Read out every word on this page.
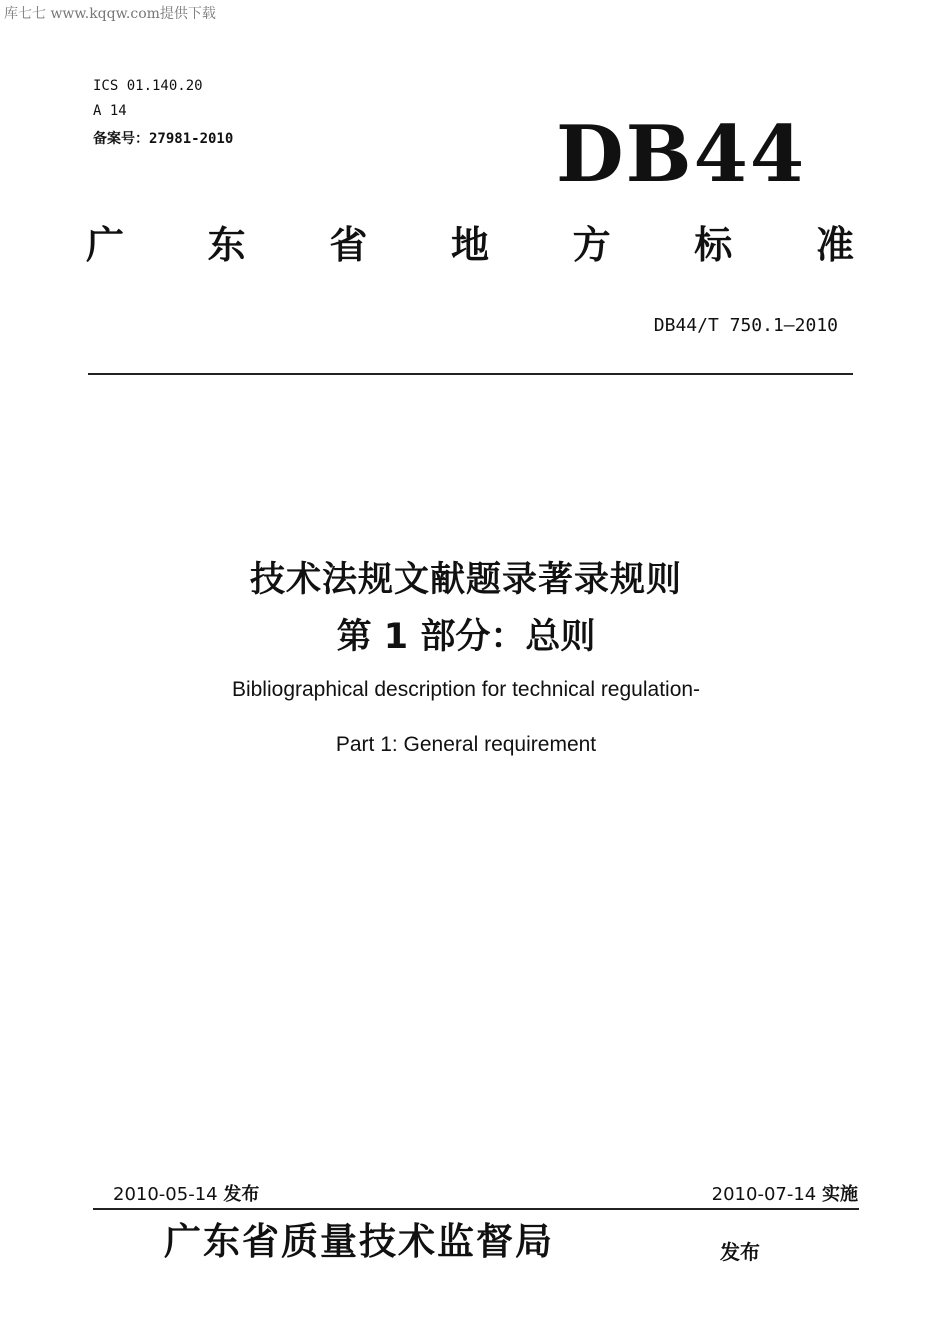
库七七 www.kqqw.com提供下载
ICS 01.140.20
A 14
备案号：27981-2010	DB44
广 东 省 地 方 标 准
DB44/T 750.1—2010
技术法规文献题录著录规则
第 1 部分：总则
Bibliographical description for technical regulation-
Part 1: General requirement
2010-05-14 发布	2010-07-14 实施
广东省质量技术监督局	发布
